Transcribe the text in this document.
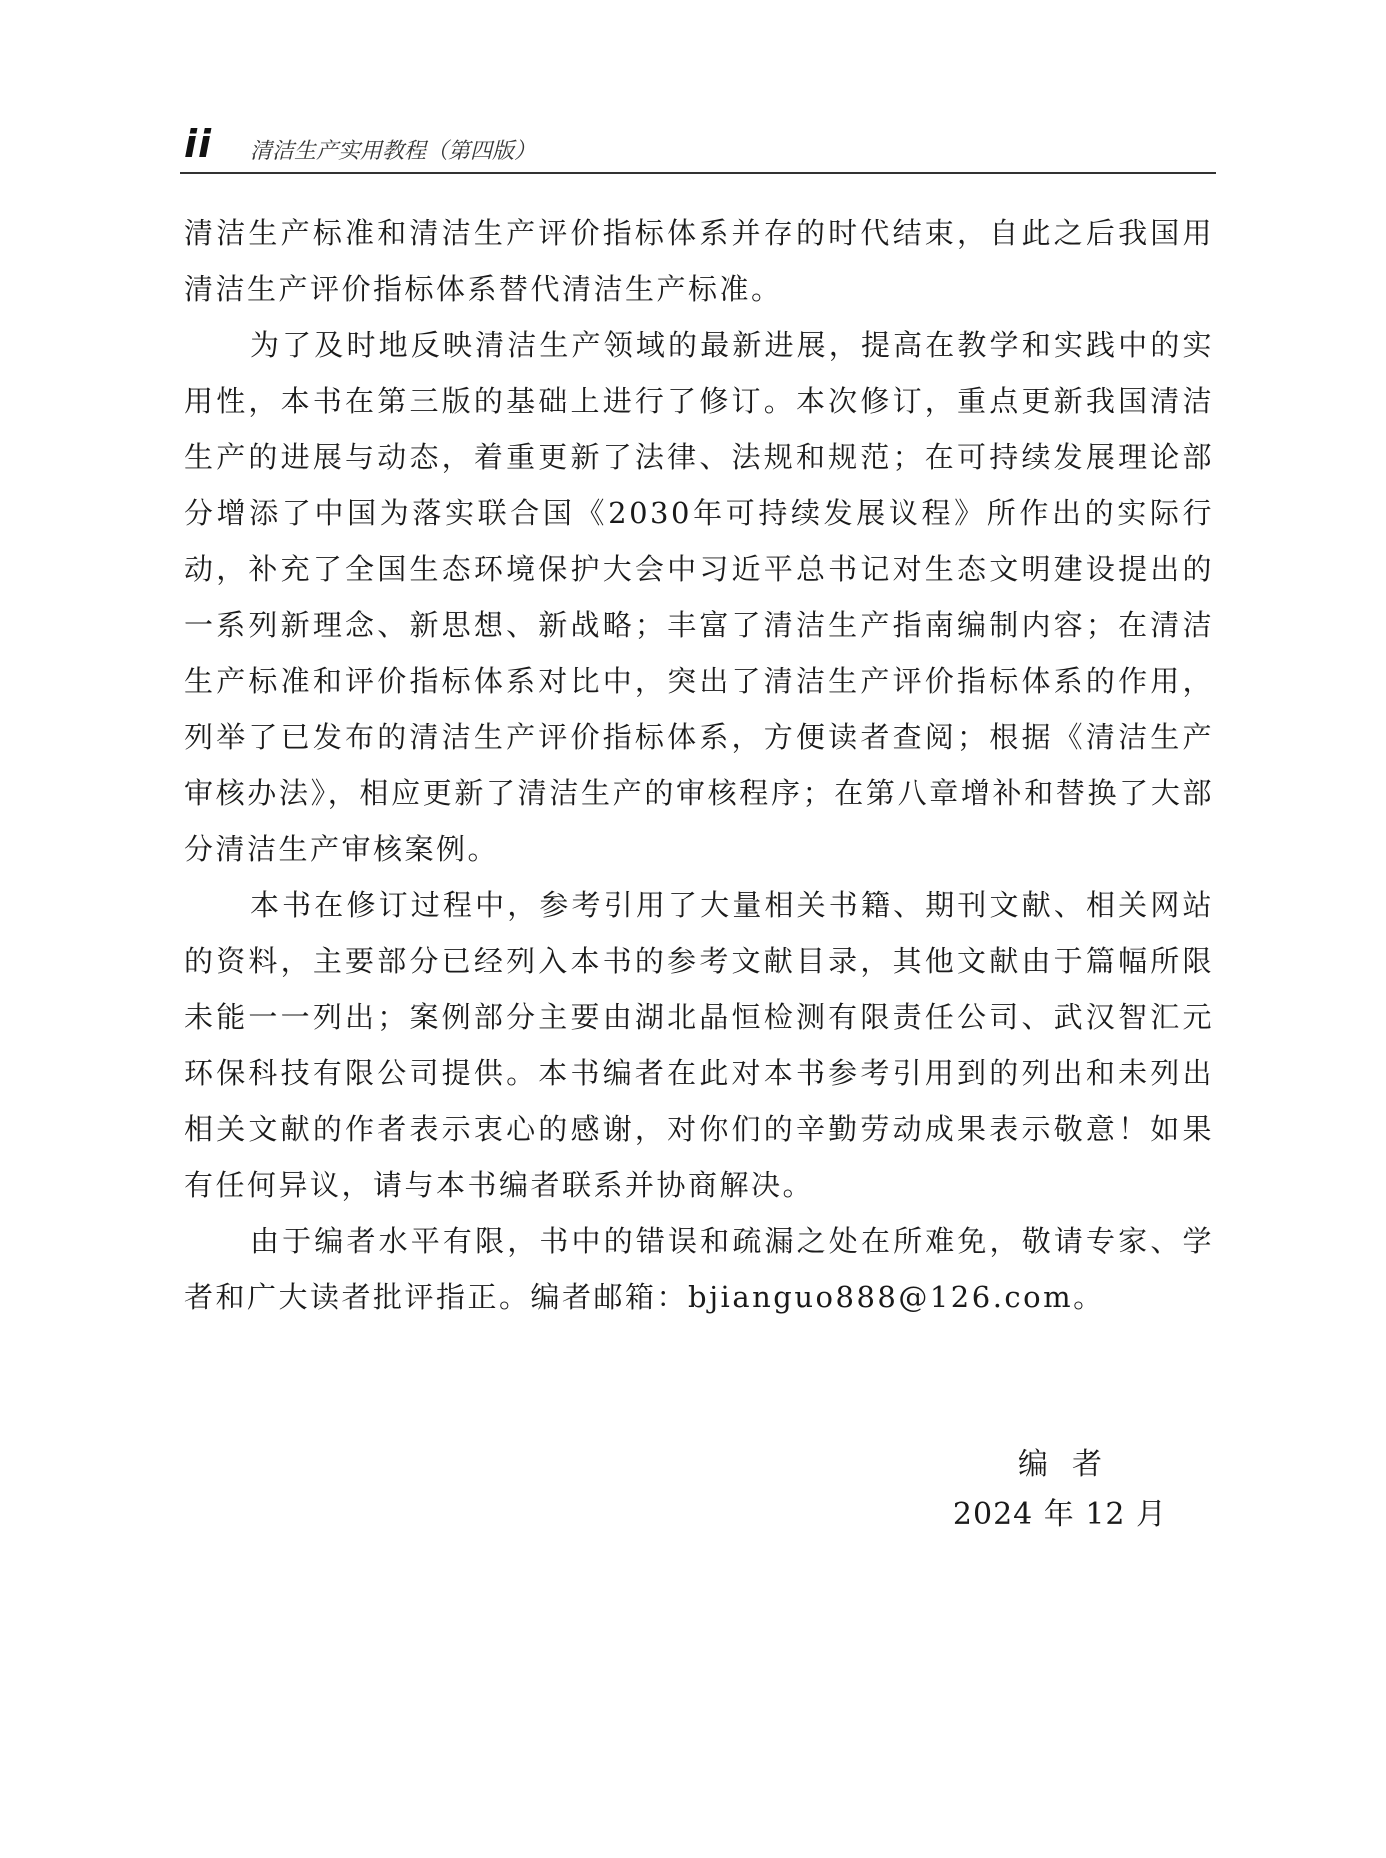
ii 清洁生产实用教程（第四版）

清洁生产标准和清洁生产评价指标体系并存的时代结束，自此之后我国用清洁生产评价指标体系替代清洁生产标准。

为了及时地反映清洁生产领域的最新进展，提高在教学和实践中的实用性，本书在第三版的基础上进行了修订。本次修订，重点更新我国清洁生产的进展与动态，着重更新了法律、法规和规范；在可持续发展理论部分增添了中国为落实联合国《2030年可持续发展议程》所作出的实际行动，补充了全国生态环境保护大会中习近平总书记对生态文明建设提出的一系列新理念、新思想、新战略；丰富了清洁生产指南编制内容；在清洁生产标准和评价指标体系对比中，突出了清洁生产评价指标体系的作用，列举了已发布的清洁生产评价指标体系，方便读者查阅；根据《清洁生产审核办法》，相应更新了清洁生产的审核程序；在第八章增补和替换了大部分清洁生产审核案例。

本书在修订过程中，参考引用了大量相关书籍、期刊文献、相关网站的资料，主要部分已经列入本书的参考文献目录，其他文献由于篇幅所限未能一一列出；案例部分主要由湖北晶恒检测有限责任公司、武汉智汇元环保科技有限公司提供。本书编者在此对本书参考引用到的列出和未列出相关文献的作者表示衷心的感谢，对你们的辛勤劳动成果表示敬意！如果有任何异议，请与本书编者联系并协商解决。

由于编者水平有限，书中的错误和疏漏之处在所难免，敬请专家、学者和广大读者批评指正。编者邮箱：bjianguo888@126.com。

编者
2024 年 12 月
